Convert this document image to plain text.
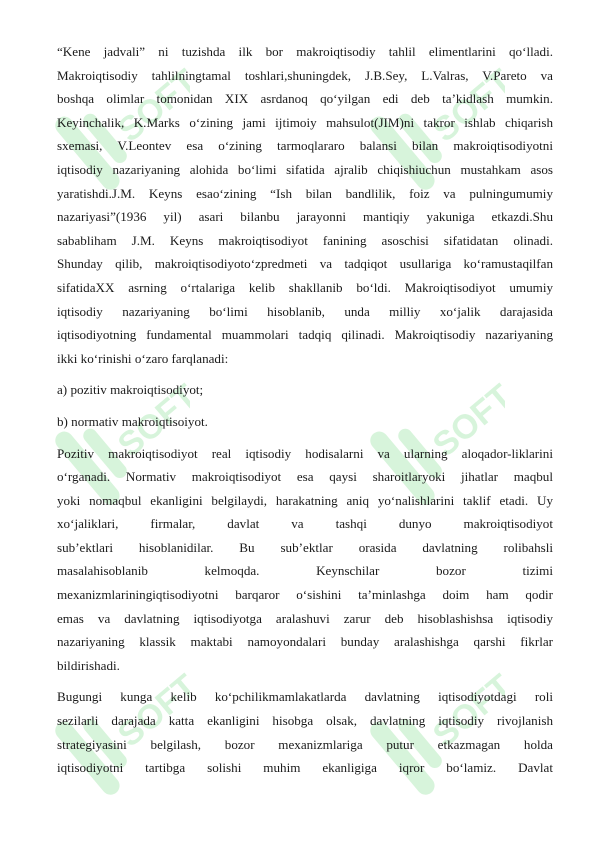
SOFT	SOFT
SOFT	SOFT
SOFT	SOFT
“Kene jadvali” ni tuzishda ilk bor makroiqtisodiy tahlil elimentlarini qo‘lladi.
Makroiqtisodiy tahlilningtamal toshlari,shuningdek, J.B.Sey, L.Valras, V.Pareto va
boshqa olimlar tomonidan XIX asrdanoq qo‘yilgan edi deb ta’kidlash mumkin.
Keyinchalik, K.Marks o‘zining jami ijtimoiy mahsulot(JIM)ni takror ishlab chiqarish
sxemasi, V.Leontev esa o‘zining tarmoqlararo balansi bilan makroiqtisodiyotni
iqtisodiy nazariyaning alohida bo‘limi sifatida ajralib chiqishiuchun mustahkam asos
yaratishdi.J.M. Keyns esao‘zining “Ish bilan bandlilik, foiz va pulningumumiy
nazariyasi”(1936 yil) asari bilanbu jarayonni mantiqiy yakuniga etkazdi.Shu
sababliham J.M. Keyns makroiqtisodiyot fanining asoschisi sifatidatan olinadi.
Shunday qilib, makroiqtisodiyoto‘zpredmeti va tadqiqot usullariga ko‘ramustaqilfan
sifatidaXX asrning o‘rtalariga kelib shakllanib bo‘ldi. Makroiqtisodiyot umumiy
iqtisodiy nazariyaning bo‘limi hisoblanib, unda milliy xo‘jalik darajasida
iqtisodiyotning fundamental muammolari tadqiq qilinadi. Makroiqtisodiy nazariyaning
ikki ko‘rinishi o‘zaro farqlanadi:
a) pozitiv makroiqtisodiyot;
b) normativ makroiqtisoiyot.
Pozitiv makroiqtisodiyot real iqtisodiy hodisalarni va ularning aloqador-liklarini
o‘rganadi. Normativ makroiqtisodiyot esa qaysi sharoitlaryoki jihatlar maqbul
yoki nomaqbul ekanligini belgilaydi, harakatning aniq yo‘nalishlarini taklif etadi. Uy
xo‘jaliklari, firmalar, davlat va tashqi dunyo makroiqtisodiyot
sub’ektlari hisoblanidilar. Bu sub’ektlar orasida davlatning rolibahsli
masalahisoblanib kelmoqda. Keynschilar bozor tizimi
mexanizmlariningiqtisodiyotni barqaror o‘sishini ta’minlashga doim ham qodir
emas va davlatning iqtisodiyotga aralashuvi zarur deb hisoblashishsa iqtisodiy
nazariyaning klassik maktabi namoyondalari bunday aralashishga qarshi fikrlar
bildirishadi.
Bugungi kunga kelib ko‘pchilikmamlakatlarda davlatning iqtisodiyotdagi roli
sezilarli darajada katta ekanligini hisobga olsak, davlatning iqtisodiy rivojlanish
strategiyasini belgilash, bozor mexanizmlariga putur etkazmagan holda
iqtisodiyotni tartibga solishi muhim ekanligiga iqror bo‘lamiz. Davlat
